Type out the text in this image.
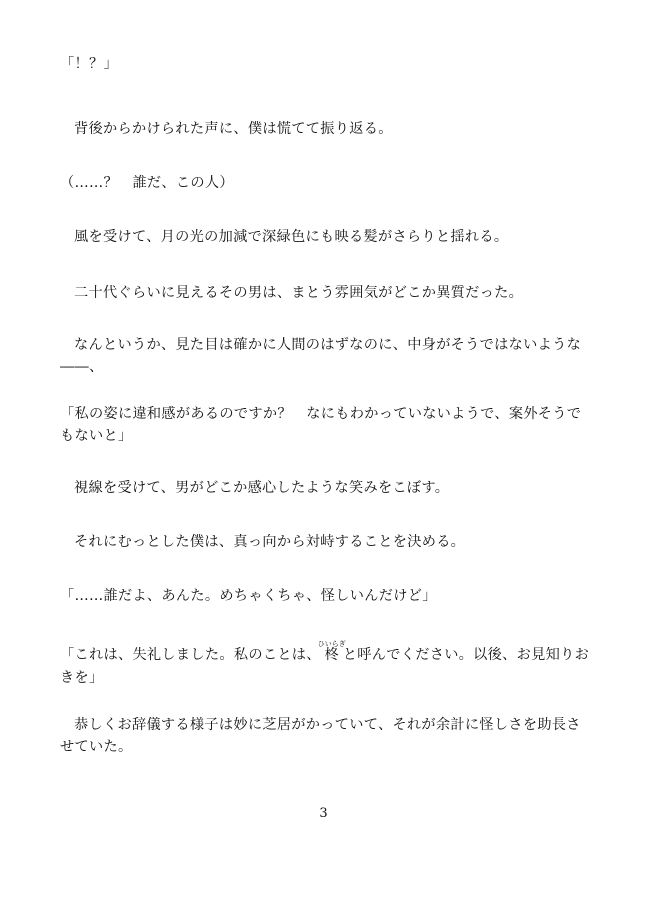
「！？」

背後からかけられた声に、僕は慌てて振り返る。

（……？　誰だ、この人）

風を受けて、月の光の加減で深緑色にも映る髪がさらりと揺れる。

二十代ぐらいに見えるその男は、まとう雰囲気がどこか異質だった。

なんというか、見た目は確かに人間のはずなのに、中身がそうではないような――、

「私の姿に違和感があるのですか？　なにもわかっていないようで、案外そうでもないと」

視線を受けて、男がどこか感心したような笑みをこぼす。

それにむっとした僕は、真っ向から対峙することを決める。

「……誰だよ、あんた。めちゃくちゃ、怪しいんだけど」

「これは、失礼しました。私のことは、柊ひいらぎと呼んでください。以後、お見知りおきを」

恭しくお辞儀する様子は妙に芝居がかっていて、それが余計に怪しさを助長させていた。

3
